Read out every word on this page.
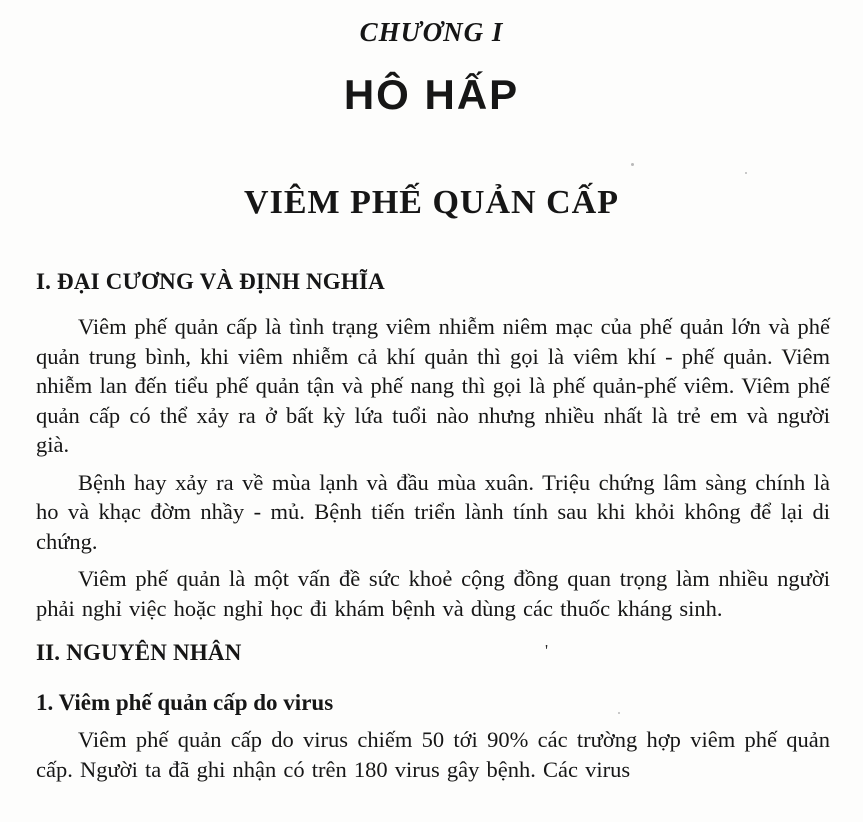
CHƯƠNG I
HÔ HẤP
VIÊM PHẾ QUẢN CẤP
I. ĐẠI CƯƠNG VÀ ĐỊNH NGHĨA

Viêm phế quản cấp là tình trạng viêm nhiễm niêm mạc của phế quản lớn và phế quản trung bình, khi viêm nhiễm cả khí quản thì gọi là viêm khí - phế quản. Viêm nhiễm lan đến tiểu phế quản tận và phế nang thì gọi là phế quản-phế viêm. Viêm phế quản cấp có thể xảy ra ở bất kỳ lứa tuổi nào nhưng nhiều nhất là trẻ em và người già.

Bệnh hay xảy ra về mùa lạnh và đầu mùa xuân. Triệu chứng lâm sàng chính là ho và khạc đờm nhầy - mủ. Bệnh tiến triển lành tính sau khi khỏi không để lại di chứng.

Viêm phế quản là một vấn đề sức khoẻ cộng đồng quan trọng làm nhiều người phải nghỉ việc hoặc nghỉ học đi khám bệnh và dùng các thuốc kháng sinh.

II. NGUYÊN NHÂN	'
1. Viêm phế quản cấp do virus

Viêm phế quản cấp do virus chiếm 50 tới 90% các trường hợp viêm phế quản cấp. Người ta đã ghi nhận có trên 180 virus gây bệnh. Các virus
